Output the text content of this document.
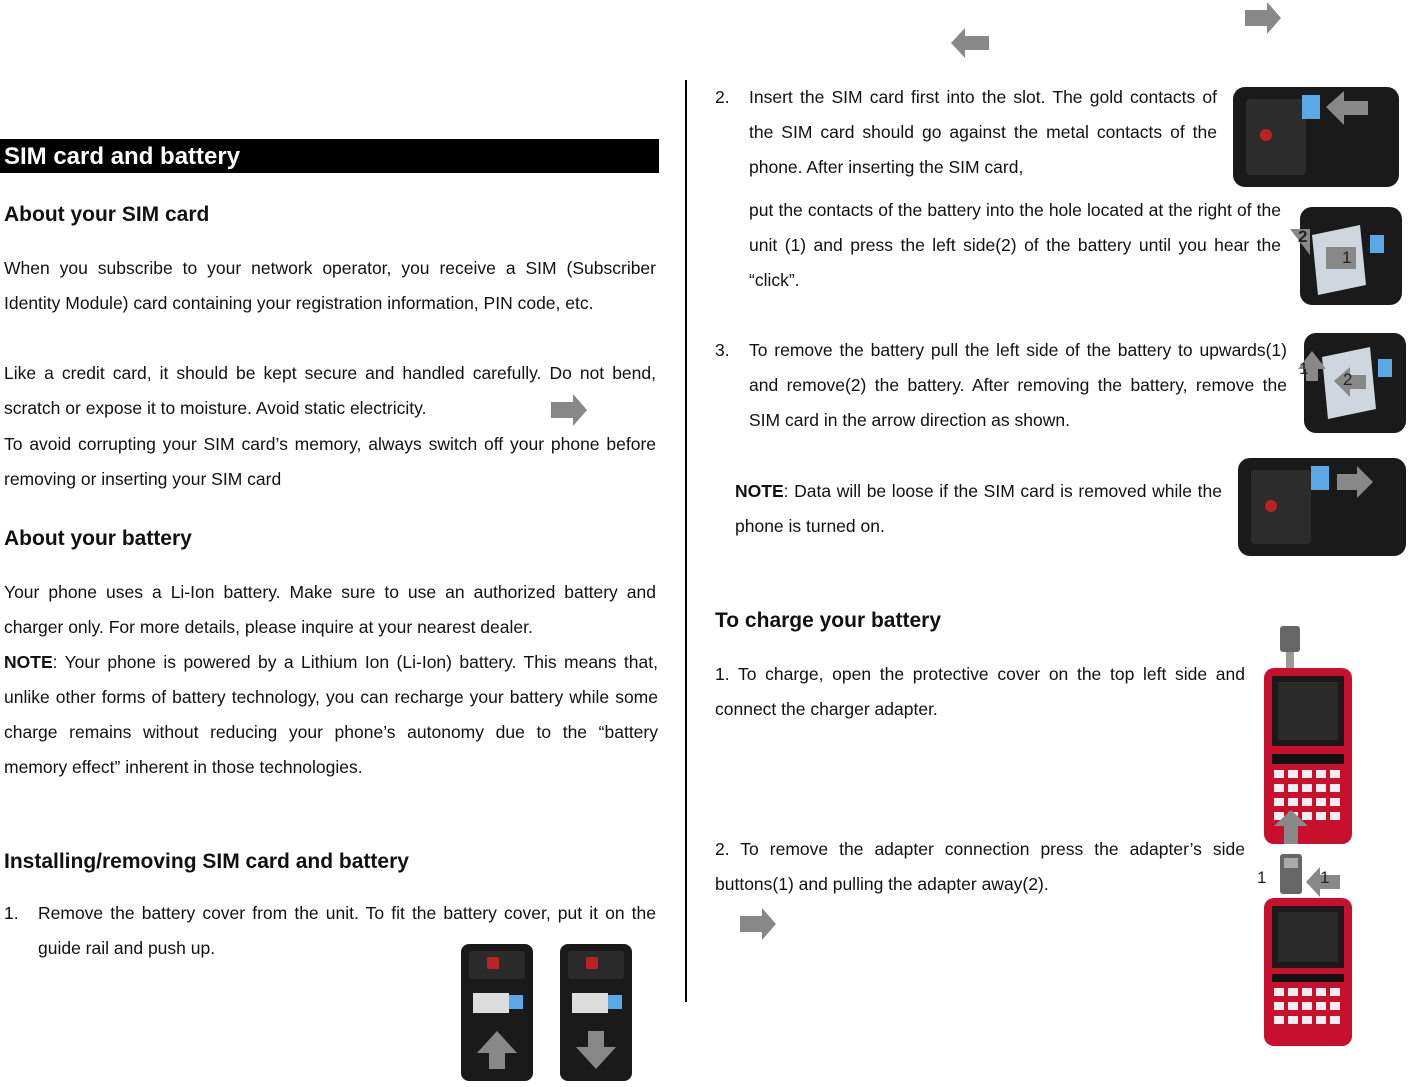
SIM card and battery
About your SIM card

When you subscribe to your network operator, you receive a SIM (Subscriber Identity Module) card containing your registration information, PIN code, etc.

Like a credit card, it should be kept secure and handled carefully. Do not bend, scratch or expose it to moisture. Avoid static electricity.

To avoid corrupting your SIM card’s memory, always switch off your phone before removing or inserting your SIM card

About your battery

Your phone uses a Li-Ion battery. Make sure to use an authorized battery and charger only. For more details, please inquire at your nearest dealer.

NOTE: Your phone is powered by a Lithium Ion (Li-Ion) battery. This means that, unlike other forms of battery technology, you can recharge your battery while some charge remains without reducing your phone’s autonomy due to the “battery memory effect” inherent in those technologies.

Installing/removing SIM card and battery
1.	Remove the battery cover from the unit. To fit the battery cover, put it on the guide rail and push up.

2.	Insert the SIM card first into the slot. The gold contacts of the SIM card should go against the metal contacts of the phone. After inserting the SIM card,

put the contacts of the battery into the hole located at the right of the unit (1) and press the left side(2) of the battery until you hear the “click”.

2
1
3.	To remove the battery pull the left side of the battery to upwards(1) and remove(2) the battery. After removing the battery, remove the SIM card in the arrow direction as shown.

1
2

NOTE: Data will be loose if the SIM card is removed while the phone is turned on.

To charge your battery

1. To charge, open the protective cover on the top left side and connect the charger adapter.

2. To remove the adapter connection press the adapter’s side buttons(1) and pulling the adapter away(2).	1	1
